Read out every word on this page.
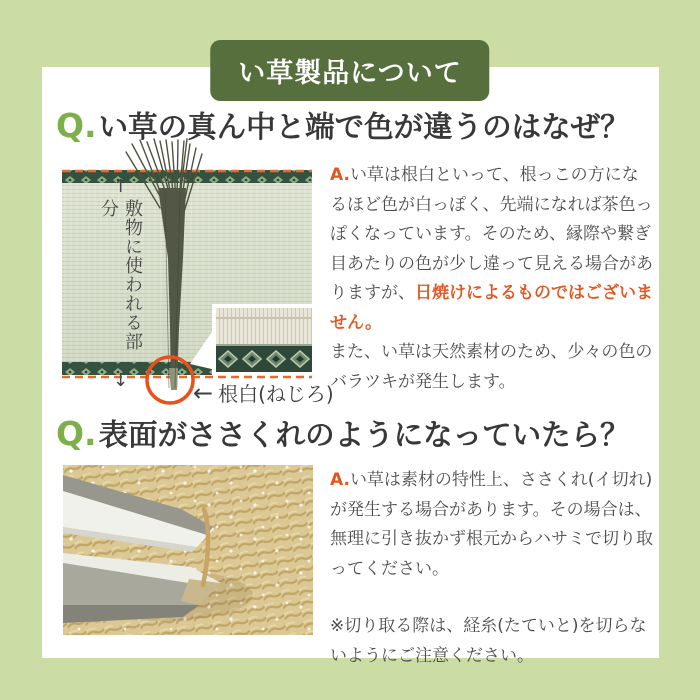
い草製品について
Q. い草の真ん中と端で色が違うのはなぜ？
↑
敷物に使われる部分
↓	← 根白(ねじろ)

A.い草は根白といって、根っこの方になるほど色が白っぽく、先端になれば茶色っぽくなっています。そのため、縁際や繋ぎ目あたりの色が少し違って見える場合がありますが、日焼けによるものではございません。

また、い草は天然素材のため、少々の色のバラツキが発生します。

Q. 表面がささくれのようになっていたら？

A.い草は素材の特性上、ささくれ(イ切れ)が発生する場合があります。その場合は、無理に引き抜かず根元からハサミで切り取ってください。

※切り取る際は、経糸(たていと)を切らないようにご注意ください。
